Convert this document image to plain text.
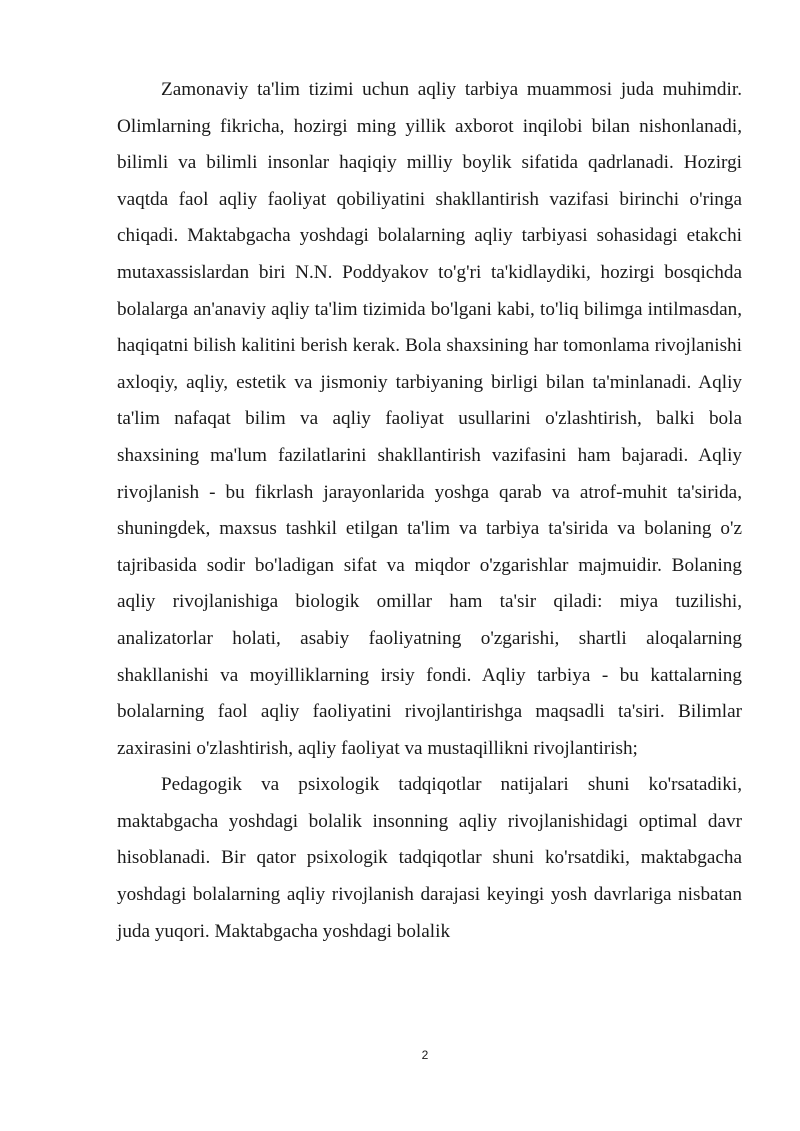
Zamonaviy ta'lim tizimi uchun aqliy tarbiya muammosi juda muhimdir. Olimlarning fikricha, hozirgi ming yillik axborot inqilobi bilan nishonlanadi, bilimli va bilimli insonlar haqiqiy milliy boylik sifatida qadrlanadi. Hozirgi vaqtda faol aqliy faoliyat qobiliyatini shakllantirish vazifasi birinchi o'ringa chiqadi. Maktabgacha yoshdagi bolalarning aqliy tarbiyasi sohasidagi etakchi mutaxassislardan biri N.N. Poddyakov to'g'ri ta'kidlaydiki, hozirgi bosqichda bolalarga an'anaviy aqliy ta'lim tizimida bo'lgani kabi, to'liq bilimga intilmasdan, haqiqatni bilish kalitini berish kerak. Bola shaxsining har tomonlama rivojlanishi axloqiy, aqliy, estetik va jismoniy tarbiyaning birligi bilan ta'minlanadi. Aqliy ta'lim nafaqat bilim va aqliy faoliyat usullarini o'zlashtirish, balki bola shaxsining ma'lum fazilatlarini shakllantirish vazifasini ham bajaradi. Aqliy rivojlanish - bu fikrlash jarayonlarida yoshga qarab va atrof-muhit ta'sirida, shuningdek, maxsus tashkil etilgan ta'lim va tarbiya ta'sirida va bolaning o'z tajribasida sodir bo'ladigan sifat va miqdor o'zgarishlar majmuidir. Bolaning aqliy rivojlanishiga biologik omillar ham ta'sir qiladi: miya tuzilishi, analizatorlar holati, asabiy faoliyatning o'zgarishi, shartli aloqalarning shakllanishi va moyilliklarning irsiy fondi. Aqliy tarbiya - bu kattalarning bolalarning faol aqliy faoliyatini rivojlantirishga maqsadli ta'siri. Bilimlar zaxirasini o'zlashtirish, aqliy faoliyat va mustaqillikni rivojlantirish;

Pedagogik va psixologik tadqiqotlar natijalari shuni ko'rsatadiki, maktabgacha yoshdagi bolalik insonning aqliy rivojlanishidagi optimal davr hisoblanadi. Bir qator psixologik tadqiqotlar shuni ko'rsatdiki, maktabgacha yoshdagi bolalarning aqliy rivojlanish darajasi keyingi yosh davrlariga nisbatan juda yuqori. Maktabgacha yoshdagi bolalik

2
